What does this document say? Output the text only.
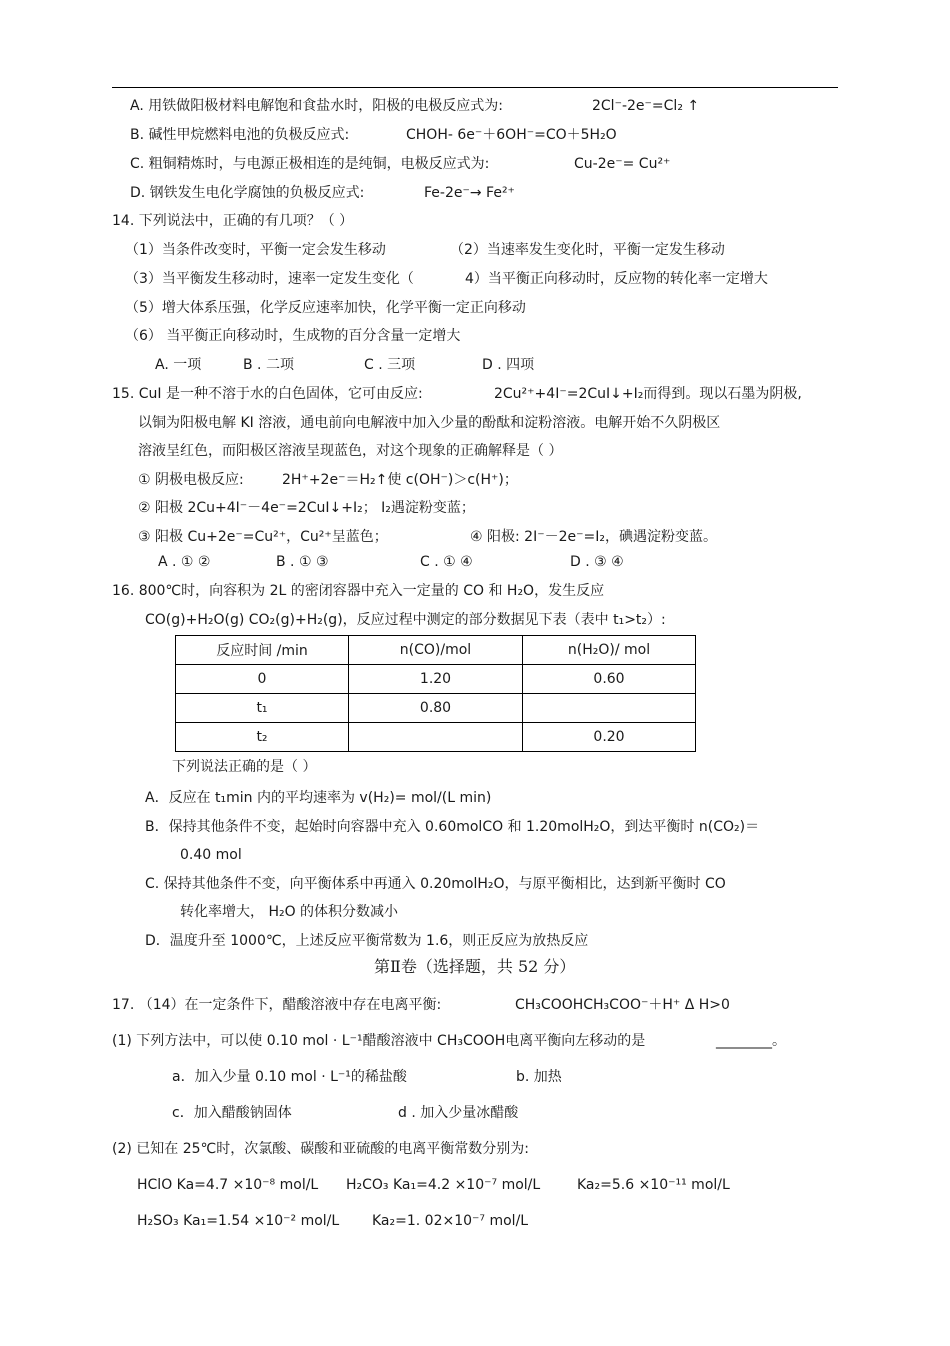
A. 用铁做阳极材料电解饱和食盐水时，阳极的电极反应式为:	2Cl⁻-2e⁻=Cl₂ ↑
B. 碱性甲烷燃料电池的负极反应式:	CHOH- 6e⁻＋6OH⁻=CO＋5H₂O
C. 粗铜精炼时，与电源正极相连的是纯铜，电极反应式为:	Cu-2e⁻= Cu²⁺
D. 钢铁发生电化学腐蚀的负极反应式:	Fe-2e⁻→ Fe²⁺
14. 下列说法中，正确的有几项？（ ）
（1）当条件改变时，平衡一定会发生移动	（2）当速率发生变化时，平衡一定发生移动
（3）当平衡发生移动时，速率一定发生变化（	4）当平衡正向移动时，反应物的转化率一定增大
（5）增大体系压强，化学反应速率加快，化学平衡一定正向移动
（6） 当平衡正向移动时，生成物的百分含量一定增大
A. 一项	B . 二项	C . 三项	D . 四项
15. CuI 是一种不溶于水的白色固体，它可由反应:	2Cu²⁺+4I⁻=2CuI↓+I₂而得到。现以石墨为阴极,
以铜为阳极电解 KI 溶液，通电前向电解液中加入少量的酚酞和淀粉溶液。电解开始不久阴极区
溶液呈红色，而阳极区溶液呈现蓝色，对这个现象的正确解释是（ ）
① 阴极电极反应:	2H⁺+2e⁻＝H₂↑使 c(OH⁻)＞c(H⁺)；
② 阳极 2Cu+4I⁻－4e⁻=2CuI↓+I₂； I₂遇淀粉变蓝；
③ 阳极 Cu+2e⁻=Cu²⁺，Cu²⁺呈蓝色；	④ 阳极: 2I⁻－2e⁻=I₂，碘遇淀粉变蓝。
A . ① ②	B . ① ③	C . ① ④	D . ③ ④
16. 800℃时，向容积为 2L 的密闭容器中充入一定量的 CO 和 H₂O，发生反应
CO(g)+H₂O(g) CO₂(g)+H₂(g)，反应过程中测定的部分数据见下表（表中 t₁>t₂）:
反应时间 /min	n(CO)/mol	n(H₂O)/ mol
0	1.20	0.60
t₁	0.80	
t₂		0.20
下列说法正确的是（ ）
A．反应在 t₁min 内的平均速率为 v(H₂)= mol/(L min)
B．保持其他条件不变，起始时向容器中充入 0.60molCO 和 1.20molH₂O，到达平衡时 n(CO₂)＝
0.40 mol
C. 保持其他条件不变，向平衡体系中再通入 0.20molH₂O，与原平衡相比，达到新平衡时 CO
转化率增大， H₂O 的体积分数减小
D．温度升至 1000℃，上述反应平衡常数为 1.6，则正反应为放热反应
第Ⅱ卷（选择题，共 52 分）
17. （14）在一定条件下，醋酸溶液中存在电离平衡:	CH₃COOHCH₃COO⁻＋H⁺ Δ H>0
(1) 下列方法中，可以使 0.10 mol · L⁻¹醋酸溶液中 CH₃COOH电离平衡向左移动的是	________。
a．加入少量 0.10 mol · L⁻¹的稀盐酸	b. 加热
c．加入醋酸钠固体	d . 加入少量冰醋酸
(2) 已知在 25℃时，次氯酸、碳酸和亚硫酸的电离平衡常数分别为:
HClO Ka=4.7 ×10⁻⁸ mol/L H₂CO₃ Ka₁=4.2 ×10⁻⁷ mol/L	Ka₂=5.6 ×10⁻¹¹ mol/L
H₂SO₃ Ka₁=1.54 ×10⁻² mol/L Ka₂=1. 02×10⁻⁷ mol/L
